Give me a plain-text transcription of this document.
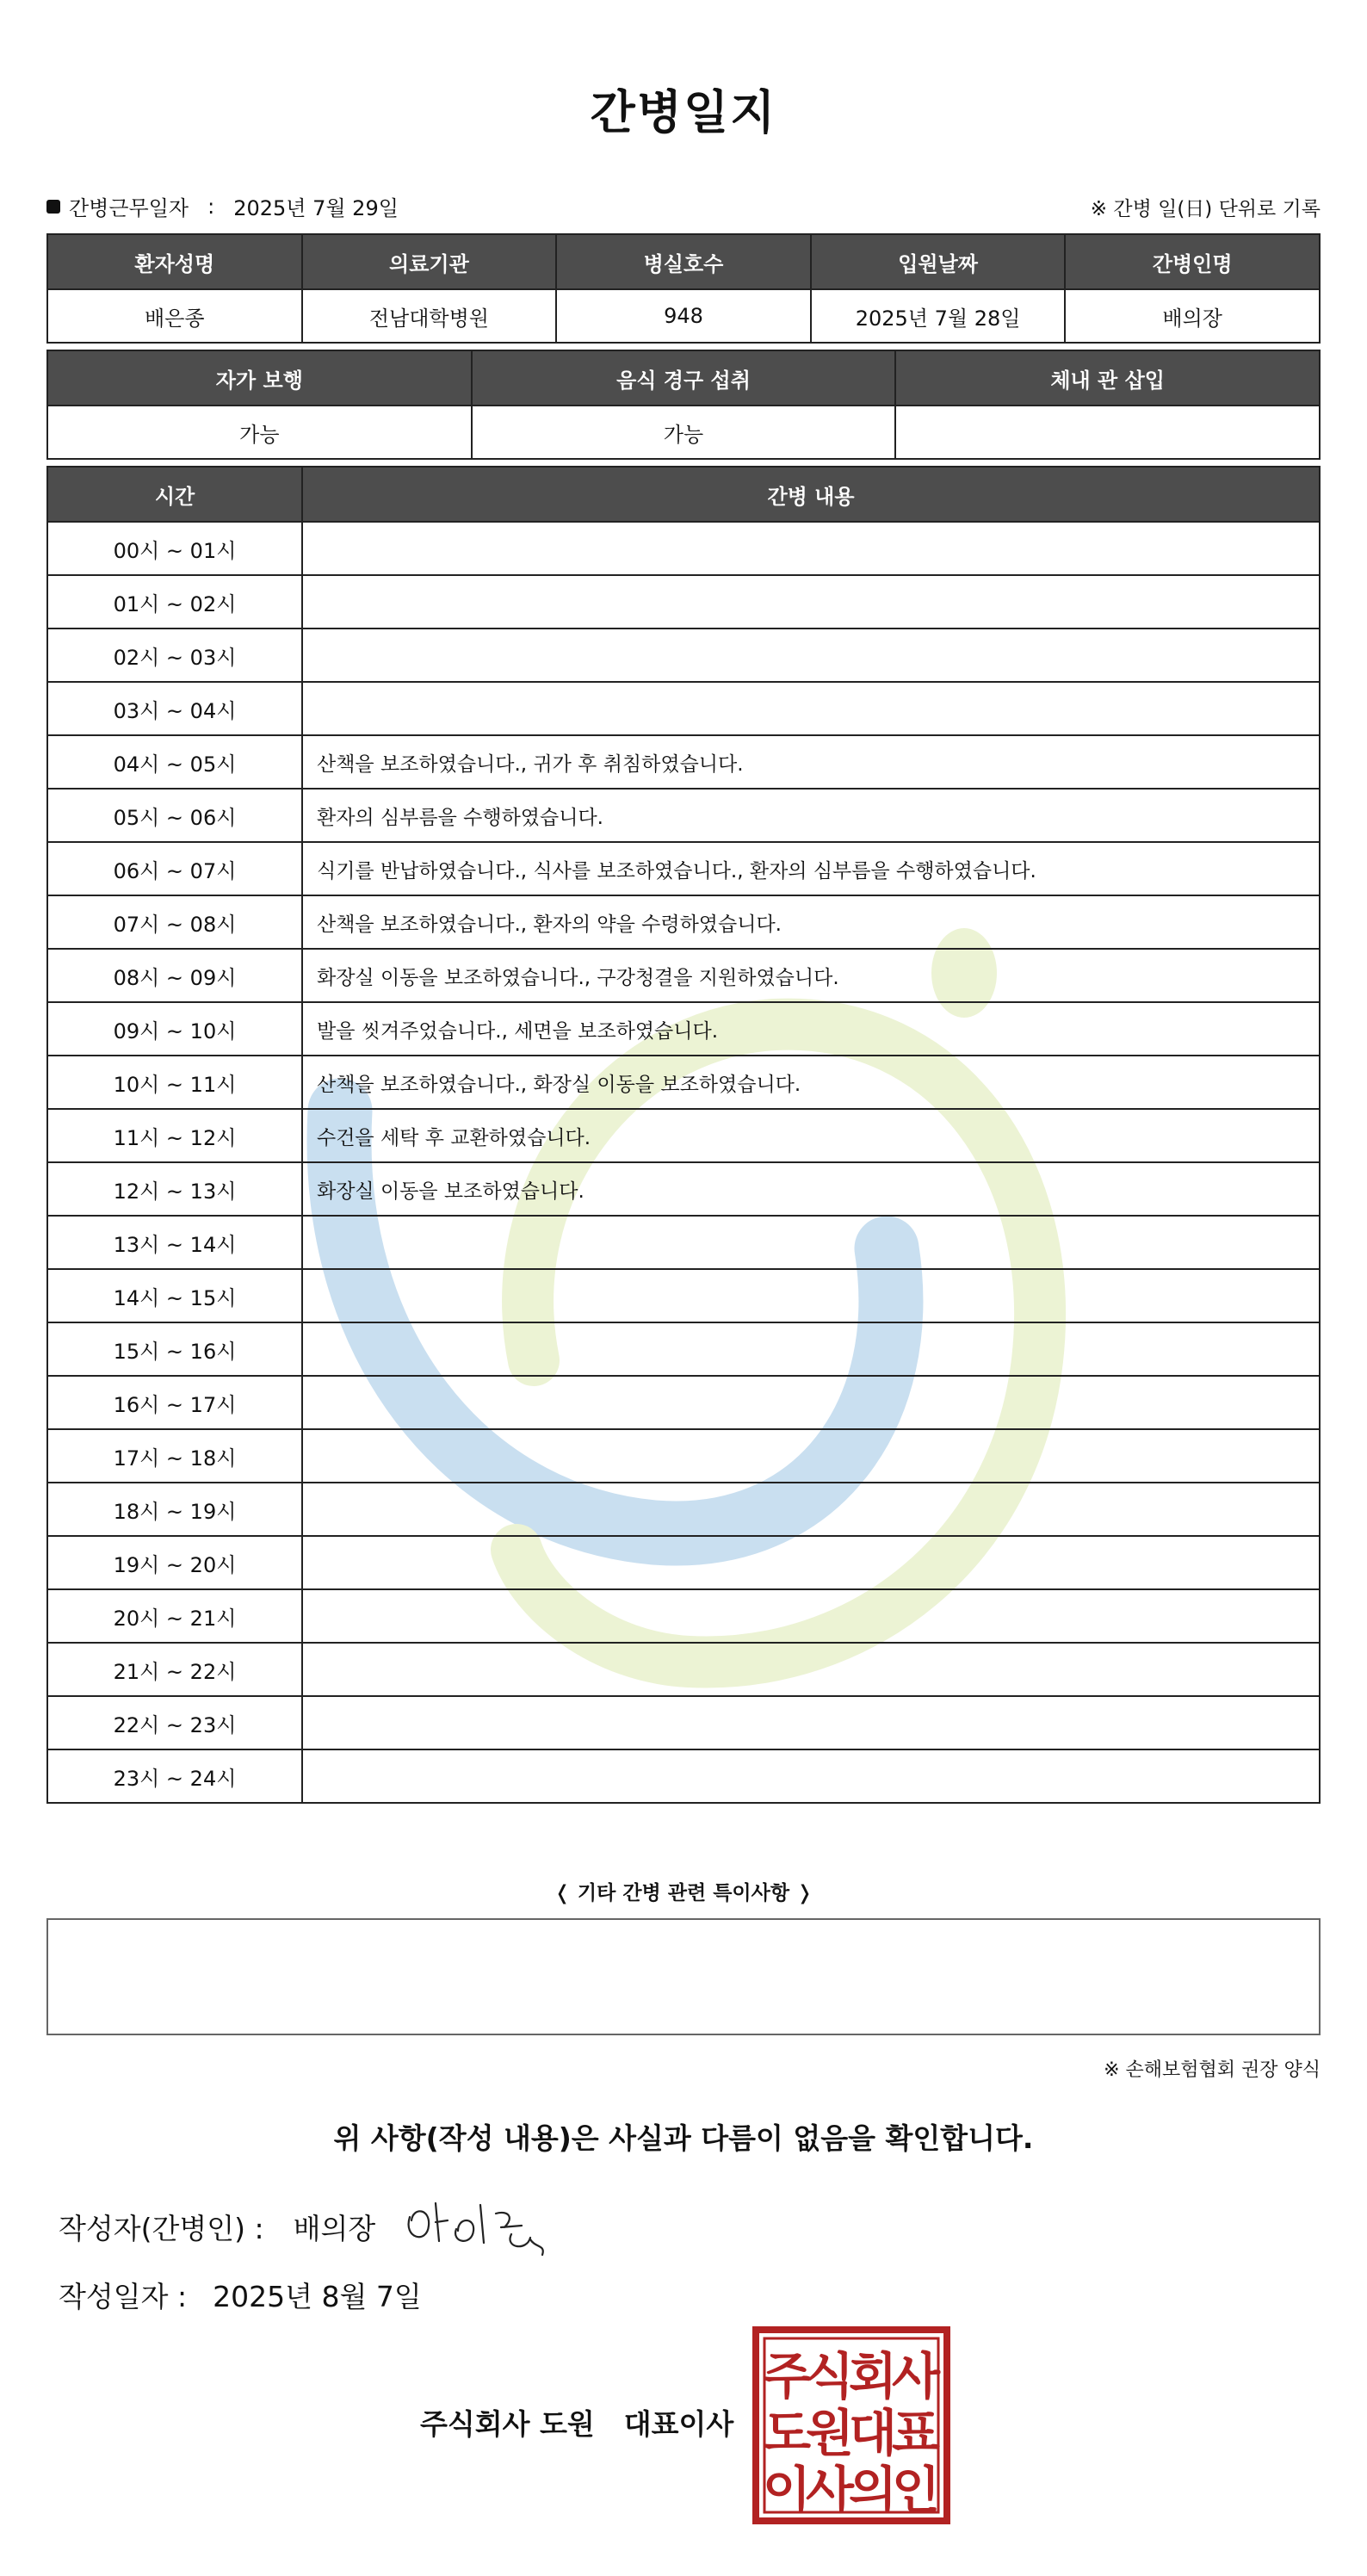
간병일지
간병근무일자 : 2025년 7월 29일	※ 간병 일(日) 단위로 기록
환자성명	의료기관	병실호수	입원날짜	간병인명
배은종	전남대학병원	948	2025년 7월 28일	배의장
자가 보행	음식 경구 섭취	체내 관 삽입
가능	가능	
시간	간병 내용
00시 ~ 01시	
01시 ~ 02시	
02시 ~ 03시	
03시 ~ 04시	
04시 ~ 05시	산책을 보조하였습니다., 귀가 후 취침하였습니다.
05시 ~ 06시	환자의 심부름을 수행하였습니다.
06시 ~ 07시	식기를 반납하였습니다., 식사를 보조하였습니다., 환자의 심부름을 수행하였습니다.
07시 ~ 08시	산책을 보조하였습니다., 환자의 약을 수령하였습니다.
08시 ~ 09시	화장실 이동을 보조하였습니다., 구강청결을 지원하였습니다.
09시 ~ 10시	발을 씻겨주었습니다., 세면을 보조하였습니다.
10시 ~ 11시	산책을 보조하였습니다., 화장실 이동을 보조하였습니다.
11시 ~ 12시	수건을 세탁 후 교환하였습니다.
12시 ~ 13시	화장실 이동을 보조하였습니다.
13시 ~ 14시	
14시 ~ 15시	
15시 ~ 16시	
16시 ~ 17시	
17시 ~ 18시	
18시 ~ 19시	
19시 ~ 20시	
20시 ~ 21시	
21시 ~ 22시	
22시 ~ 23시	
23시 ~ 24시	
❬ 기타 간병 관련 특이사항 ❭
※ 손해보험협회 권장 양식
위 사항(작성 내용)은 사실과 다름이 없음을 확인합니다.
작성자(간병인) : 배의장
작성일자 : 2025년 8월 7일
주식회사 도원 대표이사
주
식
회
사
도
원
대
표
이
사
의
인
